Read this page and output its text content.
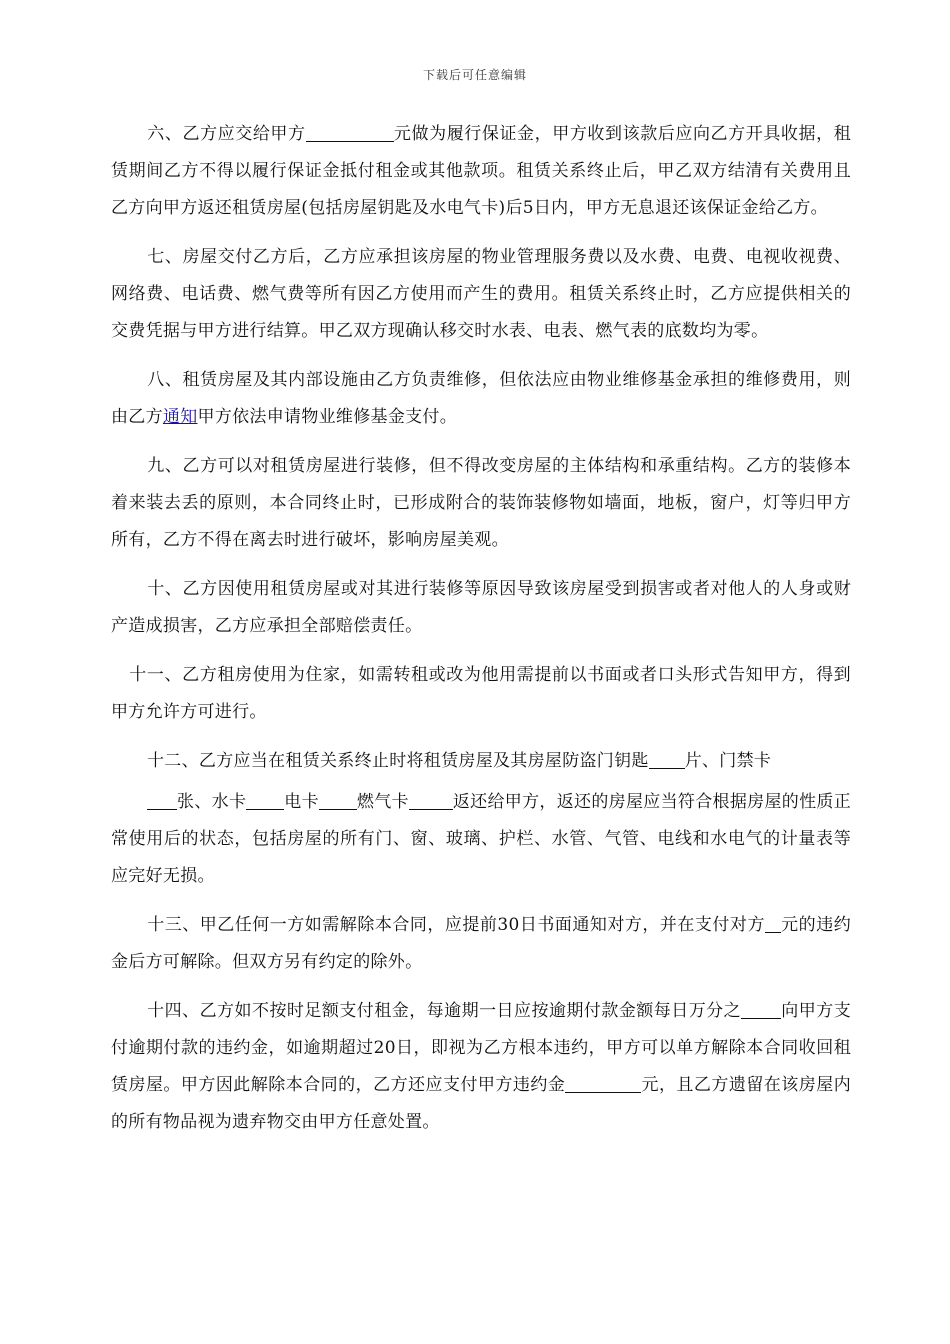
下载后可任意编辑

六、乙方应交给甲方	元做为履行保证金，甲方收到该款后应向乙方开具收据，租赁期间乙方不得以履行保证金抵付租金或其他款项。租赁关系终止后，甲乙双方结清有关费用且乙方向甲方返还租赁房屋(包括房屋钥匙及水电气卡)后5日内，甲方无息退还该保证金给乙方。

七、房屋交付乙方后，乙方应承担该房屋的物业管理服务费以及水费、电费、电视收视费、网络费、电话费、燃气费等所有因乙方使用而产生的费用。租赁关系终止时，乙方应提供相关的交费凭据与甲方进行结算。甲乙双方现确认移交时水表、电表、燃气表的底数均为零。

八、租赁房屋及其内部设施由乙方负责维修，但依法应由物业维修基金承担的维修费用，则由乙方通知甲方依法申请物业维修基金支付。

九、乙方可以对租赁房屋进行装修，但不得改变房屋的主体结构和承重结构。乙方的装修本着来装去丢的原则，本合同终止时，已形成附合的装饰装修物如墙面，地板，窗户，灯等归甲方所有，乙方不得在离去时进行破坏，影响房屋美观。

十、乙方因使用租赁房屋或对其进行装修等原因导致该房屋受到损害或者对他人的人身或财产造成损害，乙方应承担全部赔偿责任。

十一、乙方租房使用为住家，如需转租或改为他用需提前以书面或者口头形式告知甲方，得到甲方允许方可进行。

十二、乙方应当在租赁关系终止时将租赁房屋及其房屋防盗门钥匙 片、门禁卡

张、水卡 电卡 燃气卡	返还给甲方，返还的房屋应当符合根据房屋的性质正常使用后的状态，包括房屋的所有门、窗、玻璃、护栏、水管、气管、电线和水电气的计量表等应完好无损。

十三、甲乙任何一方如需解除本合同，应提前30日书面通知对方，并在支付对方 元的违约金后方可解除。但双方另有约定的除外。

十四、乙方如不按时足额支付租金，每逾期一日应按逾期付款金额每日万分之 向甲方支付逾期付款的违约金，如逾期超过20日，即视为乙方根本违约，甲方可以单方解除本合同收回租赁房屋。甲方因此解除本合同的，乙方还应支付甲方违约金	元，且乙方遗留在该房屋内的所有物品视为遗弃物交由甲方任意处置。
